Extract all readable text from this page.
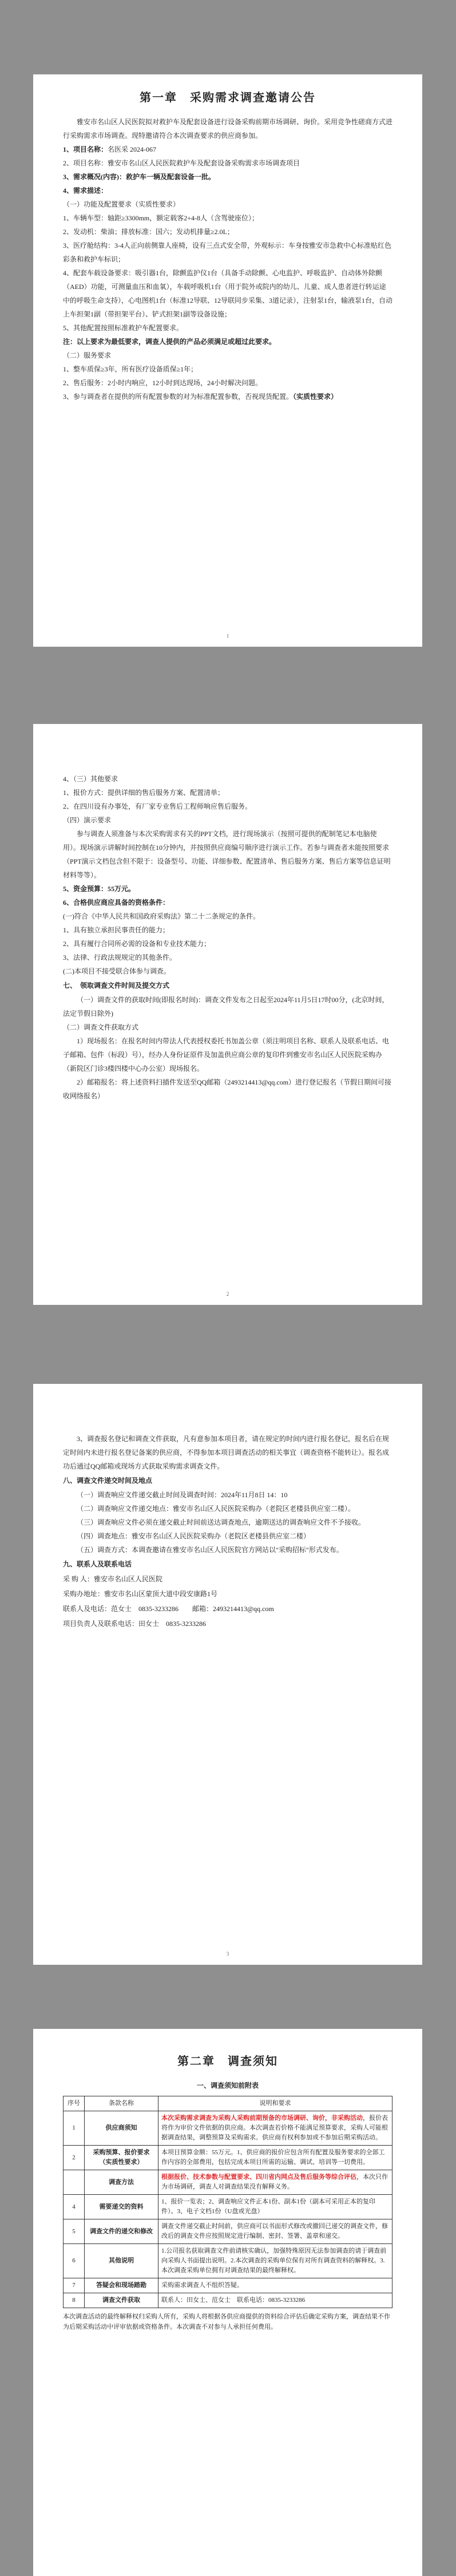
第一章　采购需求调查邀请公告

雅安市名山区人民医院拟对救护车及配套设备进行设备采购前期市场调研、询价。采用竞争性磋商方式进行采购需求市场调查。现特邀请符合本次调查要求的供应商参加。

1、项目名称：名医采 2024-067

2、项目名称：雅安市名山区人民医院救护车及配套设备采购需求市场调查项目

3、需求概况(内容)：救护车一辆及配套设备一批。

4、需求描述：

（一）功能及配置要求（实质性要求）

1、车辆车型：轴距≥3300mm，额定载客2+4-8人（含驾驶座位）；

2、发动机：柴油；排放标准：国六；发动机排量≥2.0L；

3、医疗舱结构：3-4人正向前侧靠人座椅，设有三点式安全带，外观标示：车身按雅安市急救中心标准贴红色彩条和救护车标识；

4、配套车载设备要求：吸引器1台，除颤监护仪1台（具备手动除颤、心电监护、呼吸监护、自动体外除颤（AED）功能，可测量血压和血氧），车载呼吸机1台（用于院外或院内的幼儿、儿童、成人患者进行转运途中的呼吸生命支持），心电图机1台（标准12导联、12导联同步采集、3道记录），注射泵1台，输液泵1台，自动上车担架1副（带担架平台）、铲式担架1副等设备设施；

5、其他配置按照标准救护车配置要求。

注：以上要求为最低要求，调查人提供的产品必须满足或超过此要求。

（二）服务要求

1、整车质保≥3年，所有医疗设备质保≥1年；

2、售后服务：2小时内响应，12小时到达现场，24小时解决问题。

3、参与调查者在提供的所有配置参数的对为标准配置参数，否视现货配置。（实质性要求）

1

4、（三）其他要求

1、报价方式：提供详细的售后服务方案、配置清单；

2、在四川设有办事处，有厂家专业售后工程师响应售后服务。

（四）演示要求

参与调查人须准备与本次采购需求有关的PPT文档，进行现场演示（按照可提供的配制笔记本电脑使用）。现场演示讲解时间控制在10分钟内，并按照供应商编号顺序进行演示工作。若参与调查者未能按照要求（PPT演示文档包含但不限于：设备型号、功能、详细参数、配置清单、售后服务方案、售后方案等信息证明材料等等）。

5、资金预算：55万元。

6、合格供应商应具备的资格条件：

(一)符合《中华人民共和国政府采购法》第二十二条规定的条件。

1、具有独立承担民事责任的能力；

2、具有履行合同所必需的设备和专业技术能力；

3、法律、行政法规规定的其他条件。

(二)本项目不接受联合体参与调查。

七、　领取调查文件时间及提交方式

（一）调查文件的获取时间(即报名时间)：调查文件发布之日起至2024年11月5日17时00分，(北京时间，法定节假日除外)

（二）调查文件获取方式

1）现场报名：在报名时间内带法人代表授权委托书加盖公章（须注明项目名称、联系人及联系电话、电子邮箱、包件（标段）号），经办人身份证原件及加盖供应商公章的复印件到雅安市名山区人民医院采购办（新院区门诊3楼四楼中心办公室）现场报名。

2）邮箱报名：将上述资料扫描件发送至QQ邮箱（2493214413@qq.com）进行登记报名（节假日期间可接收网络报名）

2

3、调查报名登记和调查文件获取，凡有意参加本项目者，请在规定的时间内进行报名登记，报名后在规定时间内未进行报名登记备案的供应商，不得参加本项目调查活动的相关事宜（调查资格不能转让）。报名成功后通过QQ邮箱或现场方式获取采购需求调查文件。

八、调查文件递交时间及地点

（一）调查响应文件递交截止时间及调查时间：2024年11月8日 14：10

（二）调查响应文件递交地点：雅安市名山区人民医院采购办（老院区老楼县供应室二楼）。

（三）调查响应文件必须在递交截止时间前送达调查地点，逾期送达的调查响应文件不予接收。

（四）调查地点：雅安市名山区人民医院采购办（老院区老楼县供应室二楼）

（五）调查方式：本调查邀请在雅安市名山区人民医院官方网站以"采购招标"形式发布。

九、联系人及联系电话

采 购 人：雅安市名山区人民医院

采购办地址：雅安市名山区蒙顶大道中段安康路1号

联系人及电话：范女士　0835-3233286　　邮箱：2493214413@qq.com

项目负责人及联系电话：田女士　0835-3233286

3
第二章　调查须知

一、调查须知前附表

序号	条款名称	说明和要求
1	供应商须知	本次采购需求调查为采购人采购前期预备的市场调研、询价，非采购活动，报价表将作为审价文件依据的供应商。本次调查若价格不能满足预算要求，采购人可能根据调查结果，调整预算及采购需求。供应商有权利参加或不参加后期采购活动。
2	采购预算、报价要求（实质性要求）	本项目预算金额：55万元。1、供应商的报价应包含所有配置及服务要求的全部工作内容的全部费用，包括完成本项目所需的运输、调试、培训等一切费用。
	调查方法	根据报价、技术参数与配置要求、四川省内网点及售后服务等综合评估，本次只作为市场调研，调查人对调查结果没有解释义务。
4	需要递交的资料	1、报价一览表；2、调查响应文件正本1份、副本1份（副本可采用正本的复印件）。3、电子文档1份（U盘或光盘）
5	调查文件的递交和修改	调查文件递交截止时间前，供应商可以书面形式修改或撤回已递交的调查文件，修改后的调查文件应按照规定进行编制、密封、签署、盖章和递交。
6	其他说明	1.公司报名获取调查文件前请核实确认，加强特殊原因无法参加调查的请于调查前向采购人书面提出说明。2.本次调查的采购单位保有对所有调查资料的解释权。3.本次调查采购单位拥有对调查结果的最终解释权。
7	答疑会和现场踏勘	采购需求调查人不组织答疑。
8	调查文件获取	联系人：田女士、范女士　联系电话：0835-3233286

本次调查活动的最终解释权归采购人所有，采购人将根据各供应商提供的资料综合评估后确定采购方案，调查结果不作为后期采购活动中评审依据或资格条件。本次调查不对参与人承担任何费用。
